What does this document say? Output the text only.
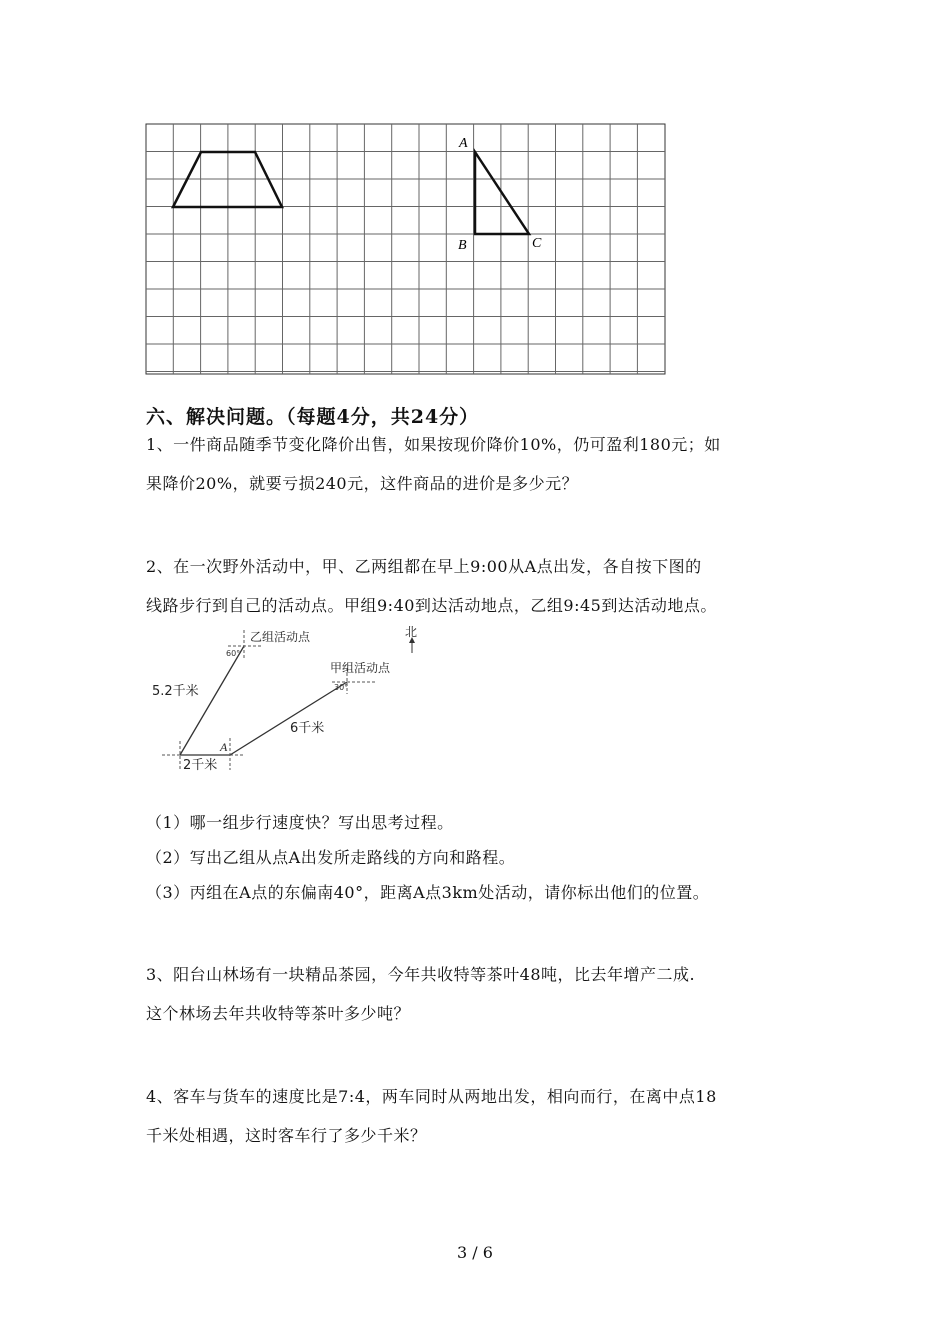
A
B	C
六、解决问题。（每题4分，共24分）
1、一件商品随季节变化降价出售，如果按现价降价10%，仍可盈利180元；如
果降价20%，就要亏损240元，这件商品的进价是多少元？
2、在一次野外活动中，甲、乙两组都在早上9:00从A点出发，各自按下图的
线路步行到自己的活动点。甲组9:40到达活动地点，乙组9:45到达活动地点。
乙组活动点
甲组活动点
北
60°
30°
5.2千米
6千米
2千米
A
（1）哪一组步行速度快？写出思考过程。
（2）写出乙组从点A出发所走路线的方向和路程。
（3）丙组在A点的东偏南40°，距离A点3km处活动，请你标出他们的位置。
3、阳台山林场有一块精品茶园，今年共收特等茶叶48吨，比去年增产二成.
这个林场去年共收特等茶叶多少吨？
4、客车与货车的速度比是7:4，两车同时从两地出发，相向而行，在离中点18
千米处相遇，这时客车行了多少千米？
3 / 6
